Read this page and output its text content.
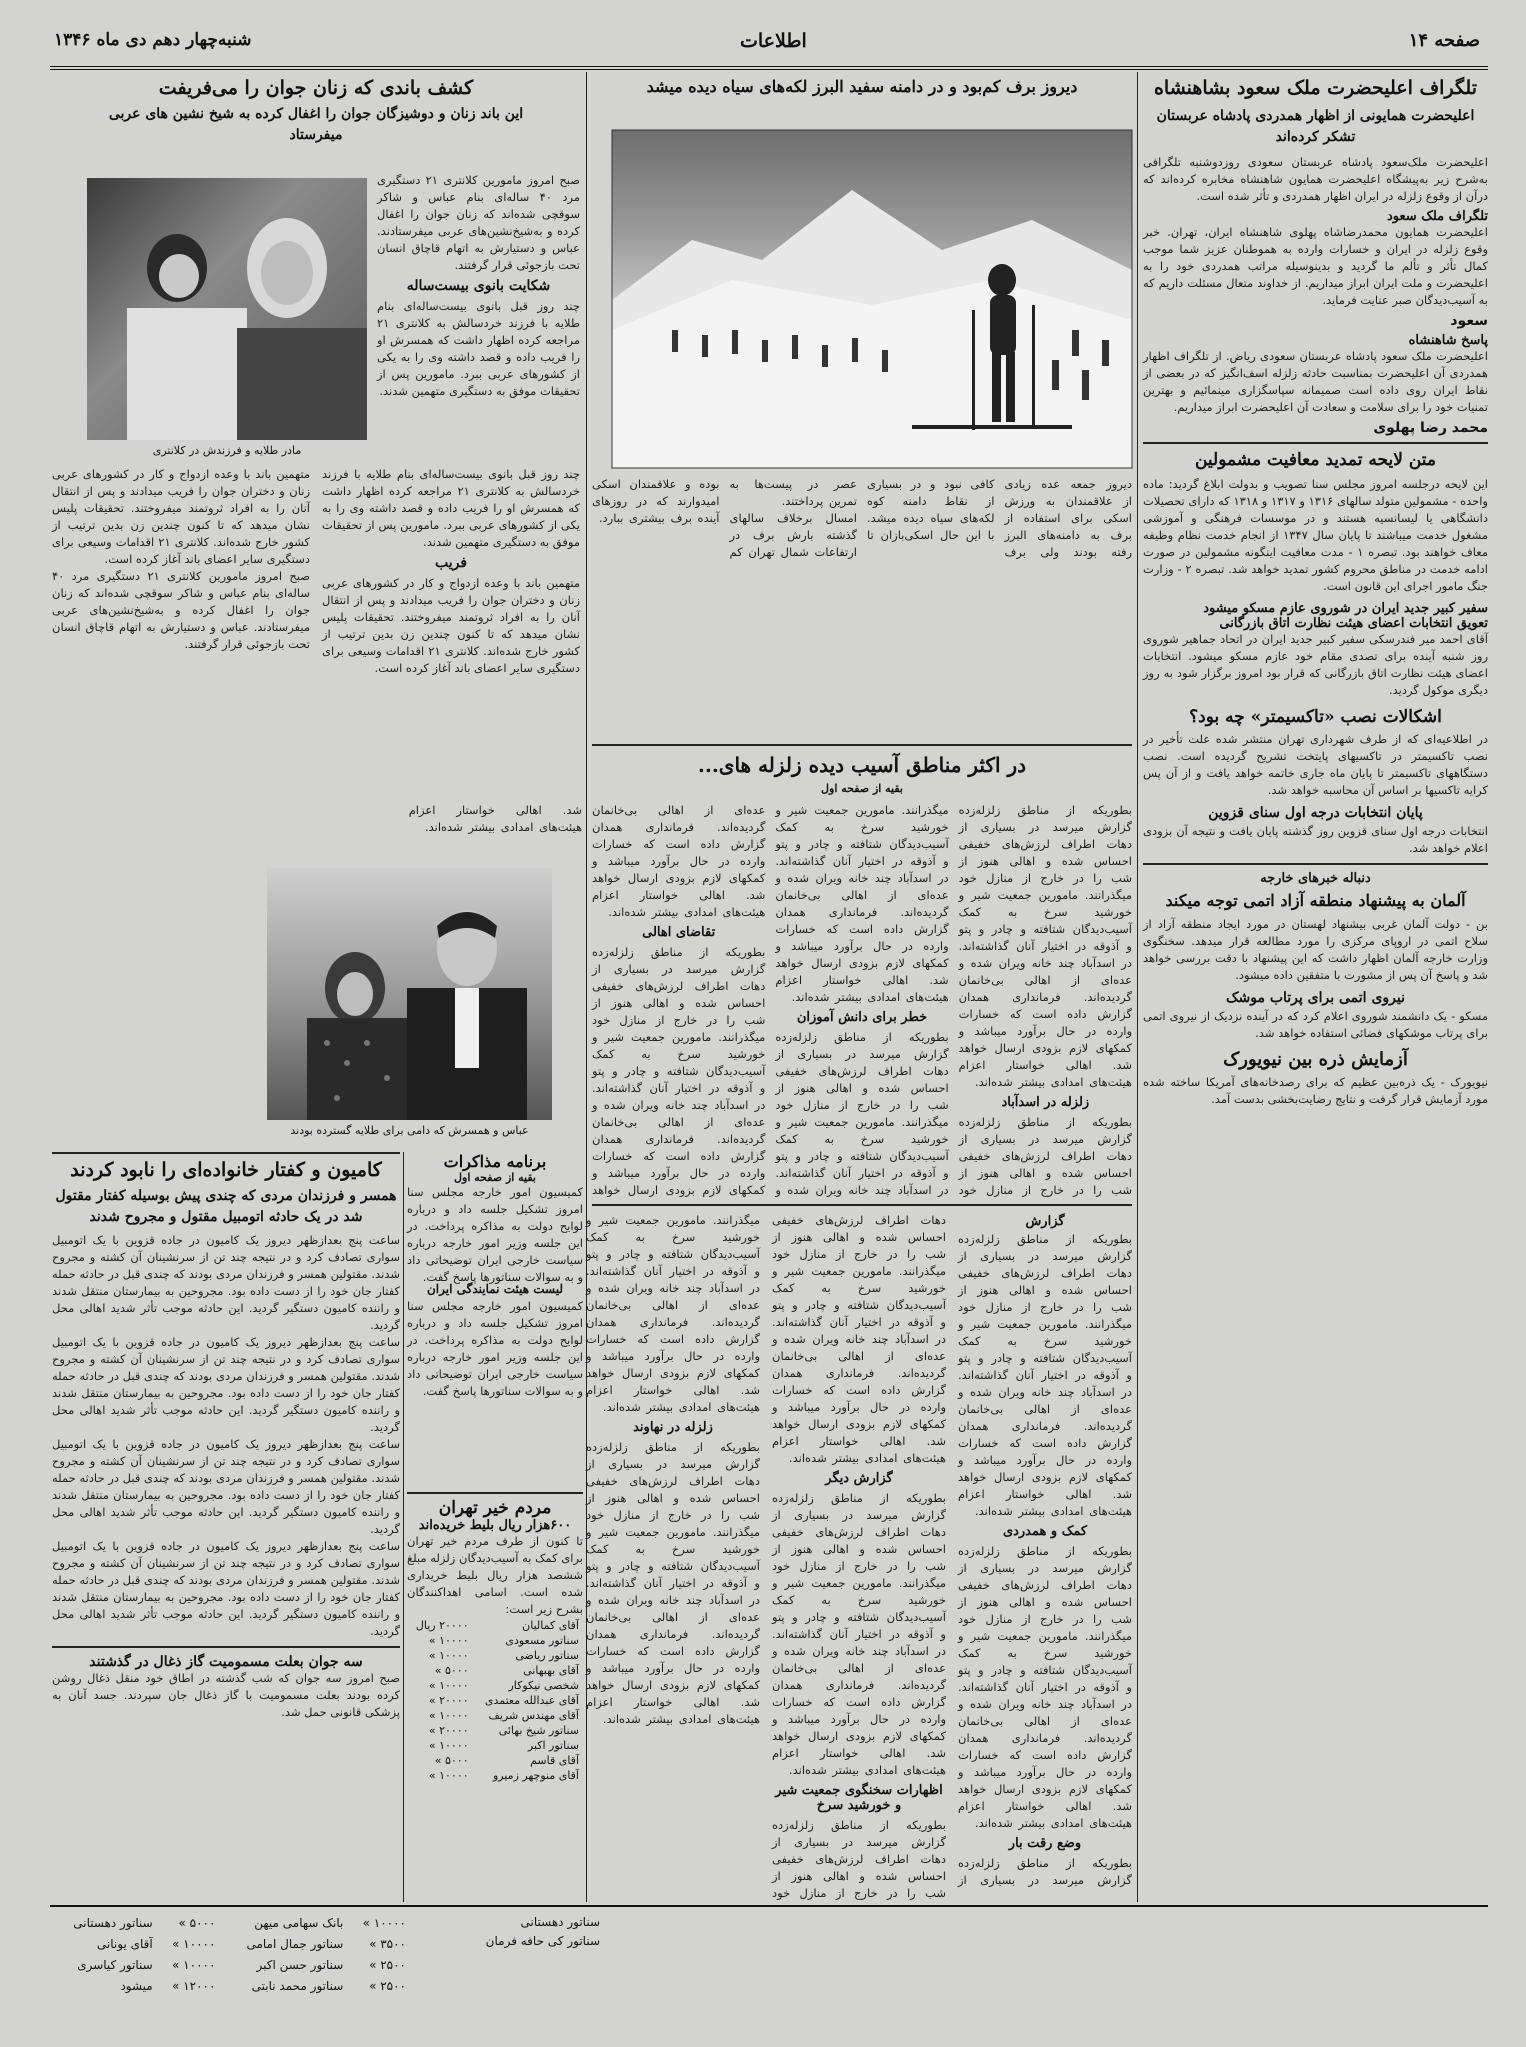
شنبه‌چهار دهم دی ماه ۱۳۴۶	اطلاعات	صفحه ۱۴
تلگراف اعلیحضرت ملک سعود بشاهنشاه
اعلیحضرت همایونی از اظهار همدردی پادشاه عربستان تشکر کرده‌اند
اعلیحضرت ملک‌سعود پادشاه عربستان سعودی روز‌دوشنبه تلگرافی به‌شرح زیر به‌پیشگاه اعلیحضرت همایون شاهنشاه مخابره کرده‌اند که درآن از وقوع زلزله در ایران اظهار همدردی و تأثر شده است.
تلگراف ملک سعود
اعلیحضرت همایون محمدرضا‌شاه پهلوی شاهنشاه ایران، تهران. خبر وقوع زلزله در ایران و خسارات وارده به هموطنان عزیز شما موجب کمال تأثر و تألم ما گردید و بدینوسیله مراتب همدردی خود را به اعلیحضرت و ملت ایران ابراز میداریم. از خداوند متعال مسئلت داریم که به آسیب‌دیدگان صبر عنایت فرماید.
سعود
پاسخ شاهنشاه
اعلیحضرت ملک سعود پادشاه عربستان سعودی ریاض. از تلگراف اظهار همدردی آن اعلیحضرت بمناسبت حادثه زلزله اسف‌انگیز که در بعضی از نقاط ایران روی داده است صمیمانه سپاسگزاری مینمائیم و بهترین تمنیات خود را برای سلامت و سعادت آن اعلیحضرت ابراز میداریم.
محمد رضا پهلوی
متن لایحه تمدید معافیت مشمولین
این لایحه درجلسه امروز مجلس سنا تصویب و بدولت ابلاغ گردید: ماده واحده - مشمولین متولد سالهای ۱۳۱۶ و ۱۳۱۷ و ۱۳۱۸ که دارای تحصیلات دانشگاهی یا لیسانسیه هستند و در موسسات فرهنگی و آموزشی مشغول خدمت میباشند تا پایان سال ۱۳۴۷ از انجام خدمت نظام وظیفه معاف خواهند بود. تبصره ۱ - مدت معافیت اینگونه مشمولین در صورت ادامه خدمت در مناطق محروم کشور تمدید خواهد شد. تبصره ۲ - وزارت جنگ مامور اجرای این قانون است.
سفیر کبیر جدید ایران در شوروی عازم مسکو میشود
تعویق انتخابات اعضای هیئت نظارت اتاق بازرگانی
آقای احمد میر فندرسکی سفیر کبیر جدید ایران در اتحاد جماهیر شوروی روز شنبه آینده برای تصدی مقام خود عازم مسکو میشود. انتخابات اعضای هیئت نظارت اتاق بازرگانی که قرار بود امروز برگزار شود به روز دیگری موکول گردید.
اشکالات نصب «تاکسیمتر» چه بود؟
در اطلاعیه‌ای که از طرف شهرداری تهران منتشر شده علت تأخیر در نصب تاکسیمتر در تاکسیهای پایتخت تشریح گردیده است. نصب دستگاههای تاکسیمتر تا پایان ماه جاری خاتمه خواهد یافت و از آن پس کرایه تاکسیها بر اساس آن محاسبه خواهد شد.
پایان انتخابات درجه اول سنای قزوین
انتخابات درجه اول سنای قزوین روز گذشته پایان یافت و نتیجه آن بزودی اعلام خواهد شد.
دنباله خبرهای خارجه
آلمان به پیشنهاد منطقه آزاد اتمی توجه میکند
بن - دولت آلمان غربی بیشنهاد لهستان در مورد ایجاد منطقه آزاد از سلاح اتمی در اروپای مرکزی را مورد مطالعه قرار میدهد. سخنگوی وزارت خارجه آلمان اظهار داشت که این پیشنهاد با دقت بررسی خواهد شد و پاسخ آن پس از مشورت با متفقین داده میشود.
نیروی اتمی برای پرتاب موشک
مسکو - یک دانشمند شوروی اعلام کرد که در آینده نزدیک از نیروی اتمی برای پرتاب موشکهای فضائی استفاده خواهد شد.
آزمایش ذره بین نیویورک
نیویورک - یک ذره‌بین عظیم که برای رصدخانه‌های آمریکا ساخته شده مورد آزمایش قرار گرفت و نتایج رضایت‌بخشی بدست آمد.
دیروز برف کم‌بود و در دامنه سفید البرز لکه‌های سیاه دیده میشد
دیروز جمعه عده زیادی از علاقمندان به ورزش اسکی برای استفاده از برف به دامنه‌های البرز رفته بودند ولی برف کافی نبود و در بسیاری از نقاط دامنه کوه لکه‌های سیاه دیده میشد. با این حال اسکی‌بازان تا عصر در پیست‌ها به تمرین پرداختند.
امسال برخلاف سالهای گذشته بارش برف در ارتفاعات شمال تهران کم بوده و علاقمندان اسکی امیدوارند که در روزهای آینده برف بیشتری ببارد.
در اکثر مناطق آسیب دیده زلزله های...
بقیه از صفحه اول
بطوریکه از مناطق زلزله‌زده گزارش میرسد در بسیاری از دهات اطراف لرزش‌های خفیفی احساس شده و اهالی هنوز از شب را در خارج از منازل خود میگذرانند. مامورین جمعیت شیر و خورشید سرخ به کمک آسیب‌دیدگان شتافته و چادر و پتو و آذوقه در اختیار آنان گذاشته‌اند. در اسدآباد چند خانه ویران شده و عده‌ای از اهالی بی‌خانمان گردیده‌اند. فرمانداری همدان گزارش داده است که خسارات وارده در حال برآورد میباشد و کمکهای لازم بزودی ارسال خواهد شد. اهالی خواستار اعزام هیئت‌های امدادی بیشتر شده‌اند.
زلزله در اسدآباد
بطوریکه از مناطق زلزله‌زده گزارش میرسد در بسیاری از دهات اطراف لرزش‌های خفیفی احساس شده و اهالی هنوز از شب را در خارج از منازل خود میگذرانند. مامورین جمعیت شیر و خورشید سرخ به کمک آسیب‌دیدگان شتافته و چادر و پتو و آذوقه در اختیار آنان گذاشته‌اند. در اسدآباد چند خانه ویران شده و عده‌ای از اهالی بی‌خانمان گردیده‌اند. فرمانداری همدان گزارش داده است که خسارات وارده در حال برآورد میباشد و کمکهای لازم بزودی ارسال خواهد شد. اهالی خواستار اعزام هیئت‌های امدادی بیشتر شده‌اند.
خطر برای دانش آموزان
بطوریکه از مناطق زلزله‌زده گزارش میرسد در بسیاری از دهات اطراف لرزش‌های خفیفی احساس شده و اهالی هنوز از شب را در خارج از منازل خود میگذرانند. مامورین جمعیت شیر و خورشید سرخ به کمک آسیب‌دیدگان شتافته و چادر و پتو و آذوقه در اختیار آنان گذاشته‌اند. در اسدآباد چند خانه ویران شده و عده‌ای از اهالی بی‌خانمان گردیده‌اند. فرمانداری همدان گزارش داده است که خسارات وارده در حال برآورد میباشد و کمکهای لازم بزودی ارسال خواهد شد. اهالی خواستار اعزام هیئت‌های امدادی بیشتر شده‌اند.
تقاضای اهالی
بطوریکه از مناطق زلزله‌زده گزارش میرسد در بسیاری از دهات اطراف لرزش‌های خفیفی احساس شده و اهالی هنوز از شب را در خارج از منازل خود میگذرانند. مامورین جمعیت شیر و خورشید سرخ به کمک آسیب‌دیدگان شتافته و چادر و پتو و آذوقه در اختیار آنان گذاشته‌اند. در اسدآباد چند خانه ویران شده و عده‌ای از اهالی بی‌خانمان گردیده‌اند. فرمانداری همدان گزارش داده است که خسارات وارده در حال برآورد میباشد و کمکهای لازم بزودی ارسال خواهد شد. اهالی خواستار اعزام هیئت‌های امدادی بیشتر شده‌اند.
گزارش
بطوریکه از مناطق زلزله‌زده گزارش میرسد در بسیاری از دهات اطراف لرزش‌های خفیفی احساس شده و اهالی هنوز از شب را در خارج از منازل خود میگذرانند. مامورین جمعیت شیر و خورشید سرخ به کمک آسیب‌دیدگان شتافته و چادر و پتو و آذوقه در اختیار آنان گذاشته‌اند. در اسدآباد چند خانه ویران شده و عده‌ای از اهالی بی‌خانمان گردیده‌اند. فرمانداری همدان گزارش داده است که خسارات وارده در حال برآورد میباشد و کمکهای لازم بزودی ارسال خواهد شد. اهالی خواستار اعزام هیئت‌های امدادی بیشتر شده‌اند.
کمک و همدردی
بطوریکه از مناطق زلزله‌زده گزارش میرسد در بسیاری از دهات اطراف لرزش‌های خفیفی احساس شده و اهالی هنوز از شب را در خارج از منازل خود میگذرانند. مامورین جمعیت شیر و خورشید سرخ به کمک آسیب‌دیدگان شتافته و چادر و پتو و آذوقه در اختیار آنان گذاشته‌اند. در اسدآباد چند خانه ویران شده و عده‌ای از اهالی بی‌خانمان گردیده‌اند. فرمانداری همدان گزارش داده است که خسارات وارده در حال برآورد میباشد و کمکهای لازم بزودی ارسال خواهد شد. اهالی خواستار اعزام هیئت‌های امدادی بیشتر شده‌اند.
وضع رقت بار
بطوریکه از مناطق زلزله‌زده گزارش میرسد در بسیاری از دهات اطراف لرزش‌های خفیفی احساس شده و اهالی هنوز از شب را در خارج از منازل خود میگذرانند. مامورین جمعیت شیر و خورشید سرخ به کمک آسیب‌دیدگان شتافته و چادر و پتو و آذوقه در اختیار آنان گذاشته‌اند. در اسدآباد چند خانه ویران شده و عده‌ای از اهالی بی‌خانمان گردیده‌اند. فرمانداری همدان گزارش داده است که خسارات وارده در حال برآورد میباشد و کمکهای لازم بزودی ارسال خواهد شد. اهالی خواستار اعزام هیئت‌های امدادی بیشتر شده‌اند.
گزارش دیگر
بطوریکه از مناطق زلزله‌زده گزارش میرسد در بسیاری از دهات اطراف لرزش‌های خفیفی احساس شده و اهالی هنوز از شب را در خارج از منازل خود میگذرانند. مامورین جمعیت شیر و خورشید سرخ به کمک آسیب‌دیدگان شتافته و چادر و پتو و آذوقه در اختیار آنان گذاشته‌اند. در اسدآباد چند خانه ویران شده و عده‌ای از اهالی بی‌خانمان گردیده‌اند. فرمانداری همدان گزارش داده است که خسارات وارده در حال برآورد میباشد و کمکهای لازم بزودی ارسال خواهد شد. اهالی خواستار اعزام هیئت‌های امدادی بیشتر شده‌اند.
اظهارات سخنگوی جمعیت شیر و خورشید سرخ
بطوریکه از مناطق زلزله‌زده گزارش میرسد در بسیاری از دهات اطراف لرزش‌های خفیفی احساس شده و اهالی هنوز از شب را در خارج از منازل خود میگذرانند. مامورین جمعیت شیر و خورشید سرخ به کمک آسیب‌دیدگان شتافته و چادر و پتو و آذوقه در اختیار آنان گذاشته‌اند. در اسدآباد چند خانه ویران شده و عده‌ای از اهالی بی‌خانمان گردیده‌اند. فرمانداری همدان گزارش داده است که خسارات وارده در حال برآورد میباشد و کمکهای لازم بزودی ارسال خواهد شد. اهالی خواستار اعزام هیئت‌های امدادی بیشتر شده‌اند.
زلزله در نهاوند
بطوریکه از مناطق زلزله‌زده گزارش میرسد در بسیاری از دهات اطراف لرزش‌های خفیفی احساس شده و اهالی هنوز از شب را در خارج از منازل خود میگذرانند. مامورین جمعیت شیر و خورشید سرخ به کمک آسیب‌دیدگان شتافته و چادر و پتو و آذوقه در اختیار آنان گذاشته‌اند. در اسدآباد چند خانه ویران شده و عده‌ای از اهالی بی‌خانمان گردیده‌اند. فرمانداری همدان گزارش داده است که خسارات وارده در حال برآورد میباشد و کمکهای لازم بزودی ارسال خواهد شد. اهالی خواستار اعزام هیئت‌های امدادی بیشتر شده‌اند.
برنامه مذاکرات
بقیه از صفحه اول
کمیسیون امور خارجه مجلس سنا امروز تشکیل جلسه داد و درباره لوایح دولت به مذاکره پرداخت. در این جلسه وزیر امور خارجه درباره سیاست خارجی ایران توضیحاتی داد و به سوالات سناتورها پاسخ گفت.
لیست هیئت نمایندگی ایران
کمیسیون امور خارجه مجلس سنا امروز تشکیل جلسه داد و درباره لوایح دولت به مذاکره پرداخت. در این جلسه وزیر امور خارجه درباره سیاست خارجی ایران توضیحاتی داد و به سوالات سناتورها پاسخ گفت.
مردم خیر تهران
۶۰۰هزار ریال بلیط خریده‌اند
تا کنون از طرف مردم خیر تهران برای کمک به آسیب‌دیدگان زلزله مبلغ ششصد هزار ریال بلیط خریداری شده است. اسامی اهداکنندگان بشرح زیر است:
آقای کمالیان	۲۰۰۰۰ ریال
سناتور مسعودی	۱۰۰۰۰ »
سناتور ریاضی	۱۰۰۰۰ »
آقای بهبهانی	۵۰۰۰ »
شخصی نیکوکار	۱۰۰۰۰ »
آقای عبدالله معتمدی	۲۰۰۰۰ »
آقای مهندس شریف	۱۰۰۰۰ »
سناتور شیخ بهائی	۲۰۰۰۰ »
سناتور اکبر	۱۰۰۰۰ »
آقای قاسم	۵۰۰۰ »
آقای منوچهر زمیرو	۱۰۰۰۰ »
کشف باندی که زنان جوان را می‌فریفت
این باند زنان و دوشیزگان جوان را اغفال کرده به شیخ نشین های عربی میفرستاد
مادر طلایه و فرزندش در کلانتری
صبح امروز مامورین کلانتری ۲۱ دستگیری مرد ۴۰ ساله‌ای بنام عباس و شاکر سوقچی شده‌اند که زنان جوان را اغفال کرده و به‌شیخ‌نشین‌های عربی میفرستادند. عباس و دستیارش به اتهام قاچاق انسان تحت بازجوئی قرار گرفتند.
شکایت بانوی بیست‌ساله
چند روز قبل بانوی بیست‌ساله‌ای بنام طلایه با فرزند خردسالش به کلانتری ۲۱ مراجعه کرده اظهار داشت که همسرش او را فریب داده و قصد داشته وی را به یکی از کشورهای عربی ببرد. مامورین پس از تحقیقات موفق به دستگیری متهمین شدند.
چند روز قبل بانوی بیست‌ساله‌ای بنام طلایه با فرزند خردسالش به کلانتری ۲۱ مراجعه کرده اظهار داشت که همسرش او را فریب داده و قصد داشته وی را به یکی از کشورهای عربی ببرد. مامورین پس از تحقیقات موفق به دستگیری متهمین شدند.
فریب
متهمین باند با وعده ازدواج و کار در کشورهای عربی زنان و دختران جوان را فریب میدادند و پس از انتقال آنان را به افراد ثروتمند میفروختند. تحقیقات پلیس نشان میدهد که تا کنون چندین زن بدین ترتیب از کشور خارج شده‌اند. کلانتری ۲۱ اقدامات وسیعی برای دستگیری سایر اعضای باند آغاز کرده است.
متهمین باند با وعده ازدواج و کار در کشورهای عربی زنان و دختران جوان را فریب میدادند و پس از انتقال آنان را به افراد ثروتمند میفروختند. تحقیقات پلیس نشان میدهد که تا کنون چندین زن بدین ترتیب از کشور خارج شده‌اند. کلانتری ۲۱ اقدامات وسیعی برای دستگیری سایر اعضای باند آغاز کرده است.
صبح امروز مامورین کلانتری ۲۱ دستگیری مرد ۴۰ ساله‌ای بنام عباس و شاکر سوقچی شده‌اند که زنان جوان را اغفال کرده و به‌شیخ‌نشین‌های عربی میفرستادند. عباس و دستیارش به اتهام قاچاق انسان تحت بازجوئی قرار گرفتند.
عباس و همسرش که دامی برای طلایه گسترده بودند
کامیون و کفتار خانواده‌ای را نابود کردند
همسر و فرزندان مردی که چندی پیش بوسیله کفتار مقتول شد در یک حادثه اتومبیل مقتول و مجروح شدند
ساعت پنج بعدازظهر دیروز یک کامیون در جاده قزوین با یک اتومبیل سواری تصادف کرد و در نتیجه چند تن از سرنشینان آن کشته و مجروح شدند. مقتولین همسر و فرزندان مردی بودند که چندی قبل در حادثه حمله کفتار جان خود را از دست داده بود. مجروحین به بیمارستان منتقل شدند و راننده کامیون دستگیر گردید. این حادثه موجب تأثر شدید اهالی محل گردید.
ساعت پنج بعدازظهر دیروز یک کامیون در جاده قزوین با یک اتومبیل سواری تصادف کرد و در نتیجه چند تن از سرنشینان آن کشته و مجروح شدند. مقتولین همسر و فرزندان مردی بودند که چندی قبل در حادثه حمله کفتار جان خود را از دست داده بود. مجروحین به بیمارستان منتقل شدند و راننده کامیون دستگیر گردید. این حادثه موجب تأثر شدید اهالی محل گردید.
ساعت پنج بعدازظهر دیروز یک کامیون در جاده قزوین با یک اتومبیل سواری تصادف کرد و در نتیجه چند تن از سرنشینان آن کشته و مجروح شدند. مقتولین همسر و فرزندان مردی بودند که چندی قبل در حادثه حمله کفتار جان خود را از دست داده بود. مجروحین به بیمارستان منتقل شدند و راننده کامیون دستگیر گردید. این حادثه موجب تأثر شدید اهالی محل گردید.
ساعت پنج بعدازظهر دیروز یک کامیون در جاده قزوین با یک اتومبیل سواری تصادف کرد و در نتیجه چند تن از سرنشینان آن کشته و مجروح شدند. مقتولین همسر و فرزندان مردی بودند که چندی قبل در حادثه حمله کفتار جان خود را از دست داده بود. مجروحین به بیمارستان منتقل شدند و راننده کامیون دستگیر گردید. این حادثه موجب تأثر شدید اهالی محل گردید.
سه جوان بعلت مسمومیت گاز ذغال در گذشتند
صبح امروز سه جوان که شب گذشته در اطاق خود منقل ذغال روشن کرده بودند بعلت مسمومیت با گاز ذغال جان سپردند. جسد آنان به پزشکی قانونی حمل شد.
۱۰۰۰۰ »	بانک سهامی میهن	۵۰۰۰ »	سناتور دهستانی
۳۵۰۰ »	سناتور جمال امامی	۱۰۰۰۰ »	آقای یونانی
۲۵۰۰ »	سناتور حسن اکبر	۱۰۰۰۰ »	سناتور کیاسری
۲۵۰۰ »	سناتور محمد نابتی	۱۲۰۰۰ »	میشود
سناتور دهستانی
سناتور کی حافه فرمان
